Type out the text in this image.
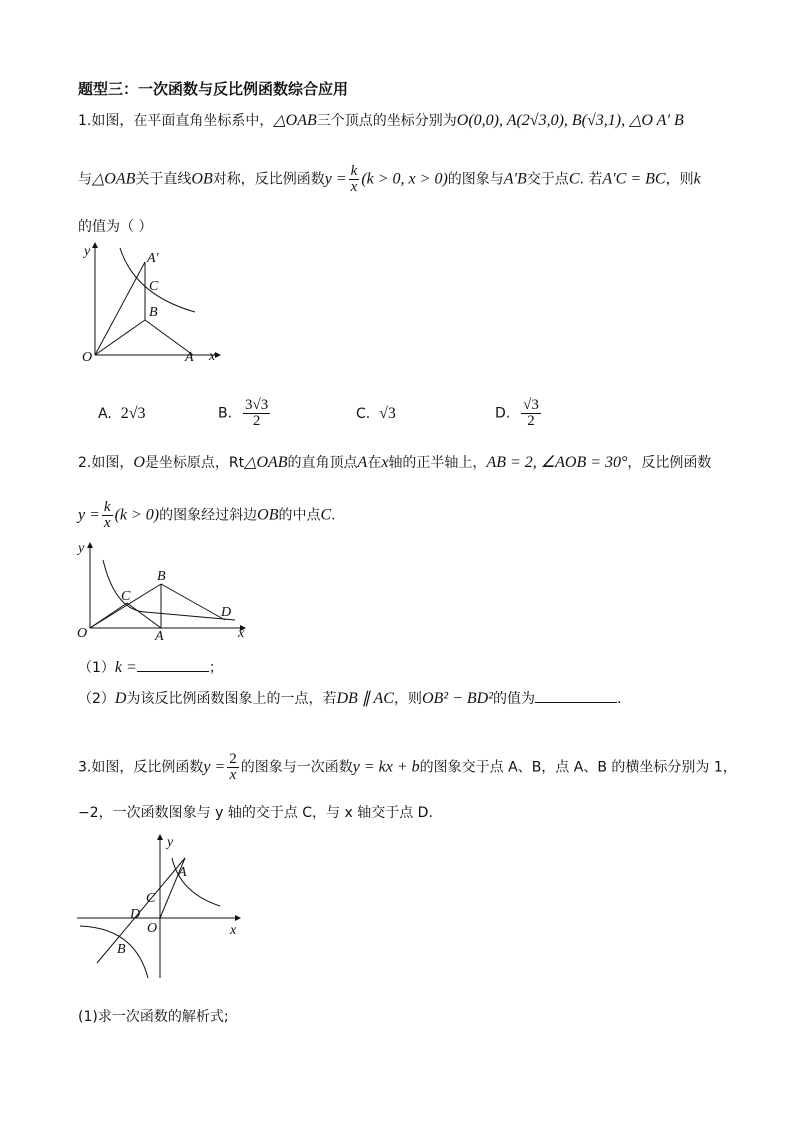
题型三：一次函数与反比例函数综合应用
1.如图，在平面直角坐标系中，△OAB三个顶点的坐标分别为O(0,0), A(2√3,0), B(√3,1), △O A′ B
与△OAB关于直线OB对称，反比例函数$y = \frac{k}{x} (k > 0$, x > 0)的图象与A′B交于点C. 若A′C = BC，则k
的值为（ ）
y
x
O	A
A′
C
B
A. 2√3	B. $\frac{3√3}{2}$	C. √3	D. $\frac{√3}{2}$
2.如图，O是坐标原点，Rt△OAB的直角顶点A在x轴的正半轴上，AB = 2, ∠AOB = 30°，反比例函数
$y = \frac{k}{x} (k > 0)$的图象经过斜边OB的中点C.
y
x
O	A
B
C
D
（1）k =	；
（2）D为该反比例函数图象上的一点，若DB ∥ AC，则OB² − BD²的值为	.
3.如图，反比例函数$y = \frac{2}{x}$ 的图象与一次函数y = kx + b的图象交于点 A、B，点 A、B 的横坐标分别为 1，
−2，一次函数图象与 y 轴的交于点 C，与 x 轴交于点 D.
y
x
O
A
B
C
D
(1)求一次函数的解析式;
